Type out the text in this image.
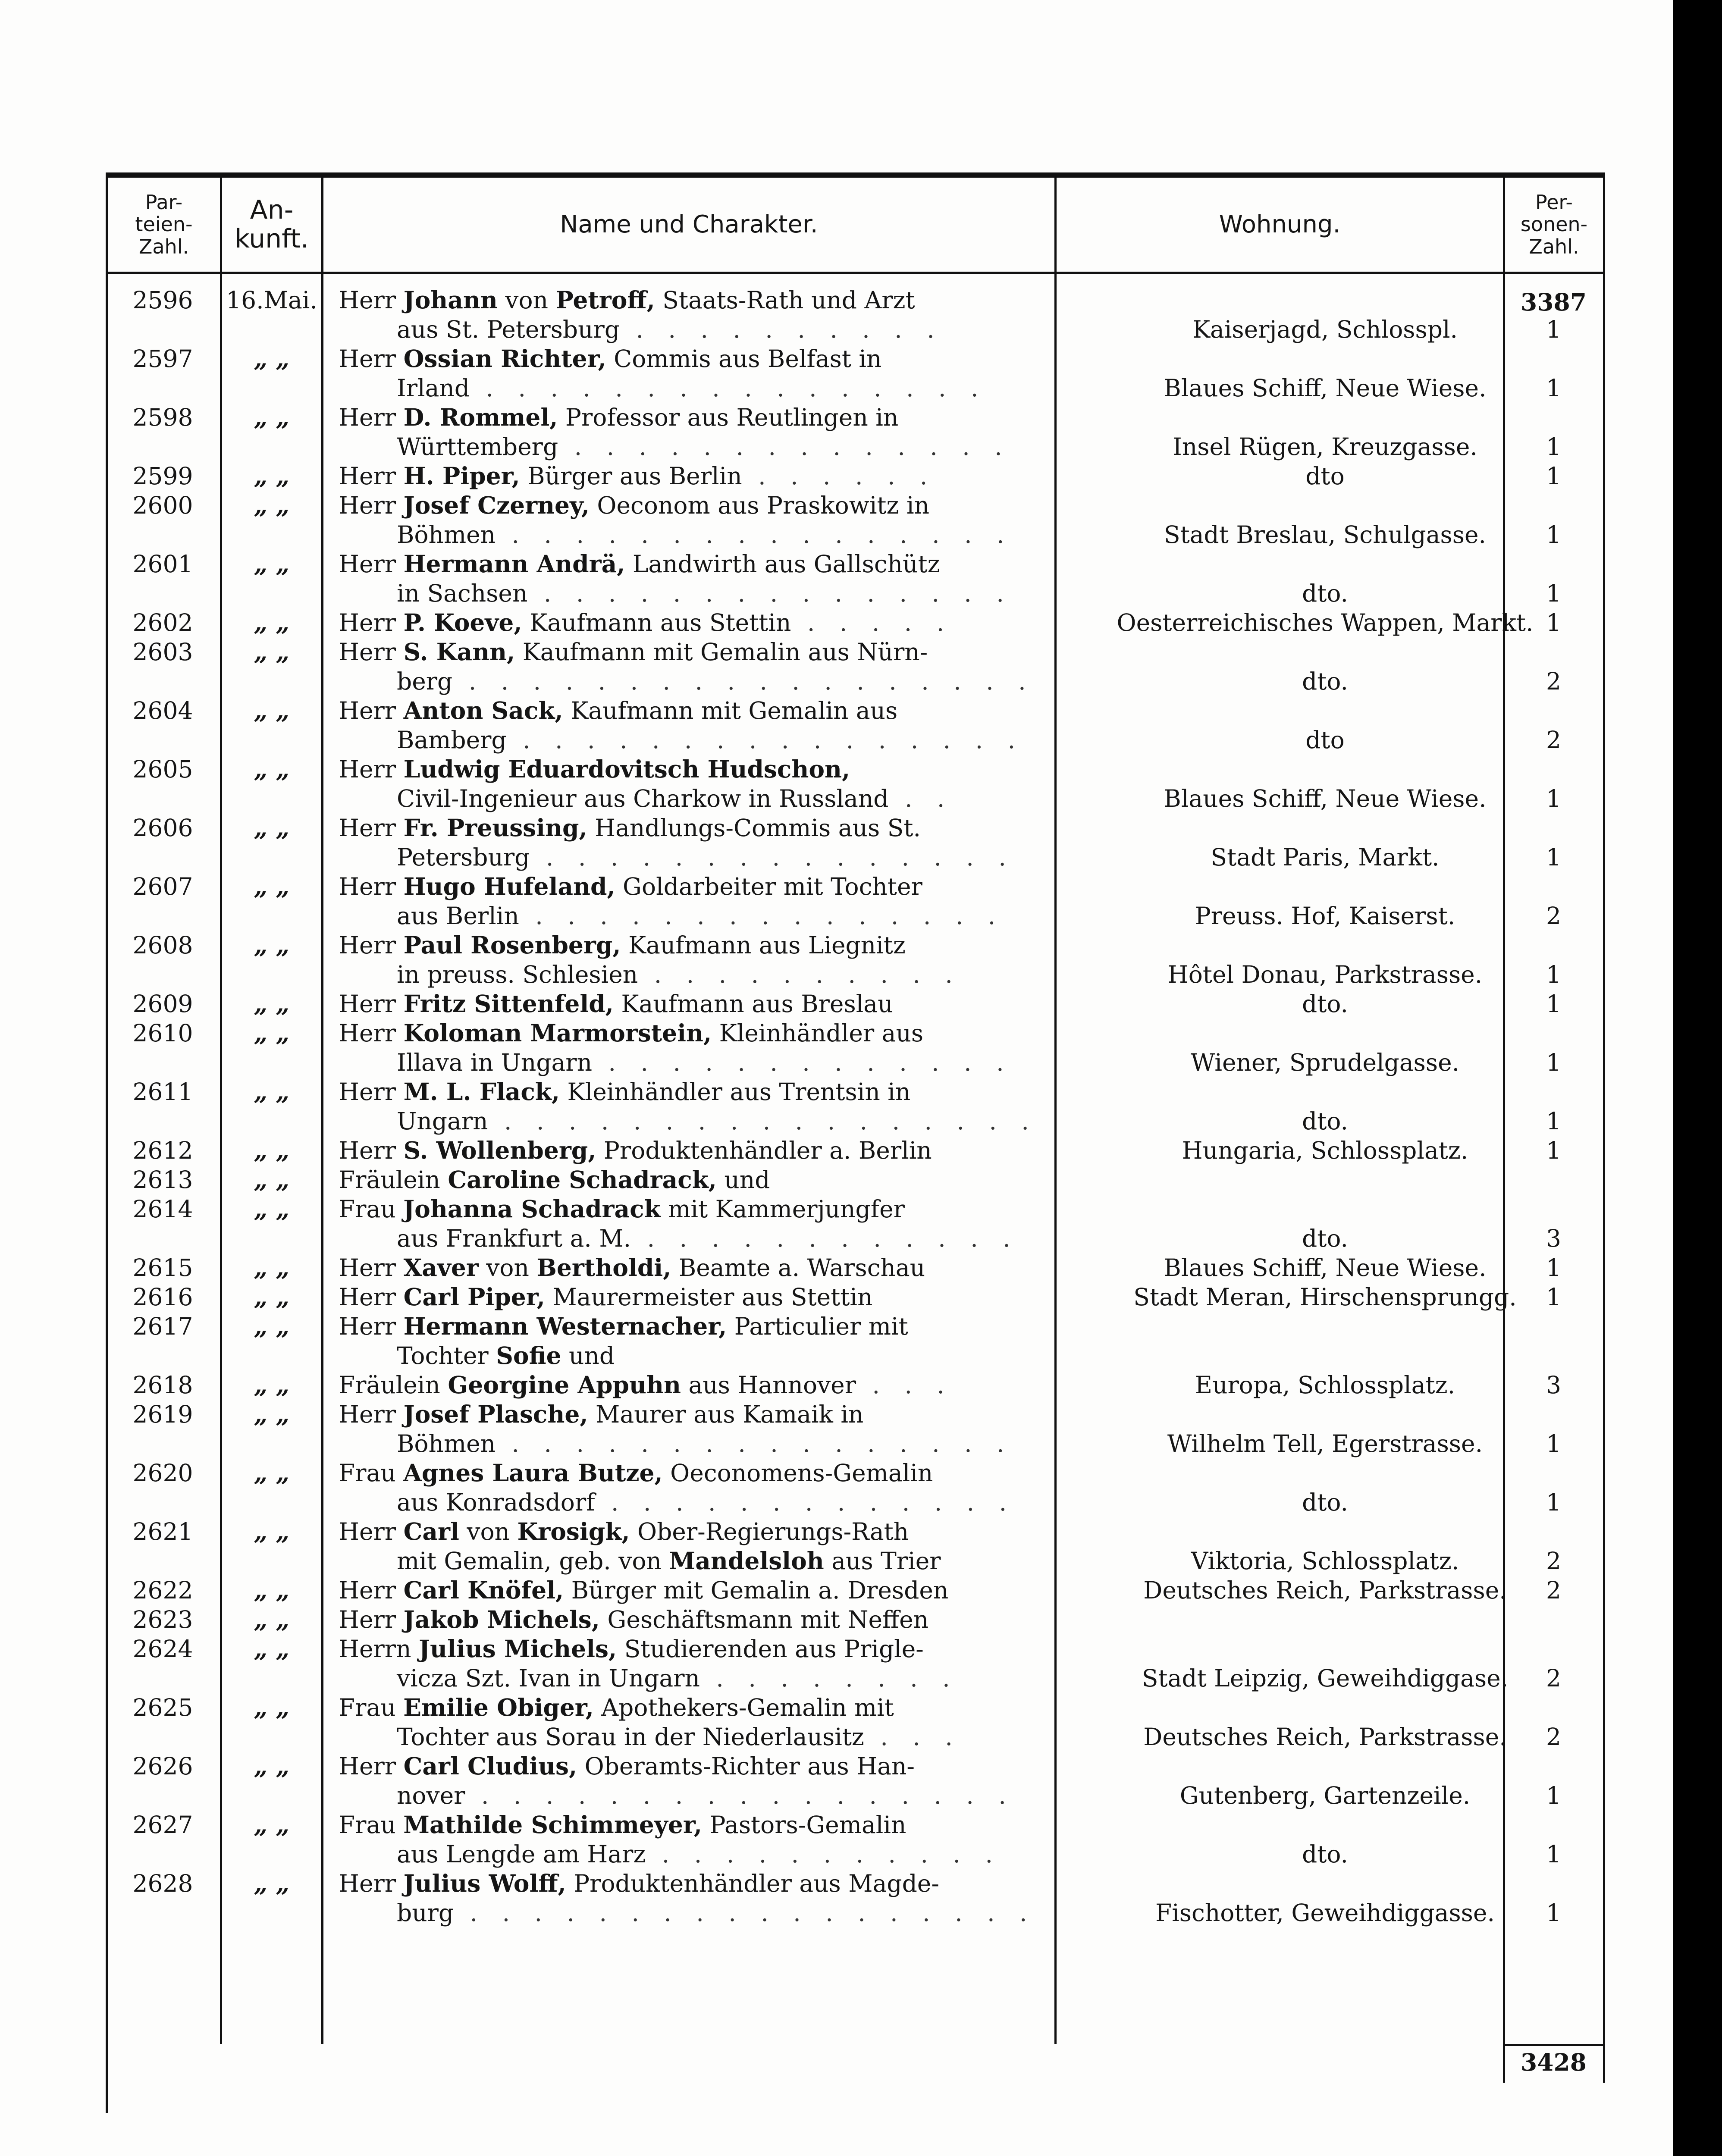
Par-
teien-
Zahl.
An-
kunft.	Name und Charakter.	Wohnung.
Per-
sonen-
Zahl.
3387
2596	16.Mai. Herr Johann von Petroff, Staats-Rath und Arzt
aus St. Petersburg . . . . . . . . . .	Kaiserjagd, Schlosspl.	1
2597	„ „	Herr Ossian Richter, Commis aus Belfast in
Irland . . . . . . . . . . . . . . . .	Blaues Schiff, Neue Wiese.	1
2598	„ „	Herr D. Rommel, Professor aus Reutlingen in
Württemberg . . . . . . . . . . . . . .	Insel Rügen, Kreuzgasse.	1
2599	„ „	Herr H. Piper, Bürger aus Berlin . . . . . .	dto	1
2600	„ „	Herr Josef Czerney, Oeconom aus Praskowitz in
Böhmen . . . . . . . . . . . . . . . .	Stadt Breslau, Schulgasse.	1
2601	„ „	Herr Hermann Andrä, Landwirth aus Gallschütz
in Sachsen . . . . . . . . . . . . . . .	dto.	1
2602	„ „	Herr P. Koeve, Kaufmann aus Stettin . . . . .	Oesterreichisches Wappen, Markt. 1
2603	„ „	Herr S. Kann, Kaufmann mit Gemalin aus Nürn-
berg . . . . . . . . . . . . . . . . . .	dto.	2
2604	„ „	Herr Anton Sack, Kaufmann mit Gemalin aus
Bamberg . . . . . . . . . . . . . . . .	dto	2
2605	„ „	Herr Ludwig Eduardovitsch Hudschon,
Civil-Ingenieur aus Charkow in Russland . .	Blaues Schiff, Neue Wiese.	1
2606	„ „	Herr Fr. Preussing, Handlungs-Commis aus St.
Petersburg . . . . . . . . . . . . . . .	Stadt Paris, Markt.	1
2607	„ „	Herr Hugo Hufeland, Goldarbeiter mit Tochter
aus Berlin . . . . . . . . . . . . . . .	Preuss. Hof, Kaiserst.	2
2608	„ „	Herr Paul Rosenberg, Kaufmann aus Liegnitz
in preuss. Schlesien . . . . . . . . . .	Hôtel Donau, Parkstrasse.	1
2609	„ „	Herr Fritz Sittenfeld, Kaufmann aus Breslau	dto.	1
2610	„ „	Herr Koloman Marmorstein, Kleinhändler aus
Illava in Ungarn . . . . . . . . . . . . .	Wiener, Sprudelgasse.	1
2611	„ „	Herr M. L. Flack, Kleinhändler aus Trentsin in
Ungarn . . . . . . . . . . . . . . . . .	dto.	1
2612	„ „	Herr S. Wollenberg, Produktenhändler a. Berlin	Hungaria, Schlossplatz.	1
2613	„ „	Fräulein Caroline Schadrack, und
2614	„ „	Frau Johanna Schadrack mit Kammerjungfer
aus Frankfurt a. M. . . . . . . . . . . . .	dto.	3
2615	„ „	Herr Xaver von Bertholdi, Beamte a. Warschau	Blaues Schiff, Neue Wiese.	1
2616	„ „	Herr Carl Piper, Maurermeister aus Stettin	Stadt Meran, Hirschensprungg.	1
2617	„ „	Herr Hermann Westernacher, Particulier mit
Tochter Sofie und
2618	„ „	Fräulein Georgine Appuhn aus Hannover . . .	Europa, Schlossplatz.	3
2619	„ „	Herr Josef Plasche, Maurer aus Kamaik in
Böhmen . . . . . . . . . . . . . . . .	Wilhelm Tell, Egerstrasse.	1
2620	„ „	Frau Agnes Laura Butze, Oeconomens-Gemalin
aus Konradsdorf . . . . . . . . . . . . .	dto.	1
2621	„ „	Herr Carl von Krosigk, Ober-Regierungs-Rath
mit Gemalin, geb. von Mandelsloh aus Trier	Viktoria, Schlossplatz.	2
2622	„ „	Herr Carl Knöfel, Bürger mit Gemalin a. Dresden	Deutsches Reich, Parkstrasse.	2
2623	„ „	Herr Jakob Michels, Geschäftsmann mit Neffen
2624	„ „	Herrn Julius Michels, Studierenden aus Prigle-
vicza Szt. Ivan in Ungarn . . . . . . . .	Stadt Leipzig, Geweihdiggase.	2
2625	„ „	Frau Emilie Obiger, Apothekers-Gemalin mit
Tochter aus Sorau in der Niederlausitz . . .	Deutsches Reich, Parkstrasse.	2
2626	„ „	Herr Carl Cludius, Oberamts-Richter aus Han-
nover . . . . . . . . . . . . . . . . .	Gutenberg, Gartenzeile.	1
2627	„ „	Frau Mathilde Schimmeyer, Pastors-Gemalin
aus Lengde am Harz . . . . . . . . . . .	dto.	1
2628	„ „	Herr Julius Wolff, Produktenhändler aus Magde-
burg . . . . . . . . . . . . . . . . . .	Fischotter, Geweihdiggasse.	1
3428
